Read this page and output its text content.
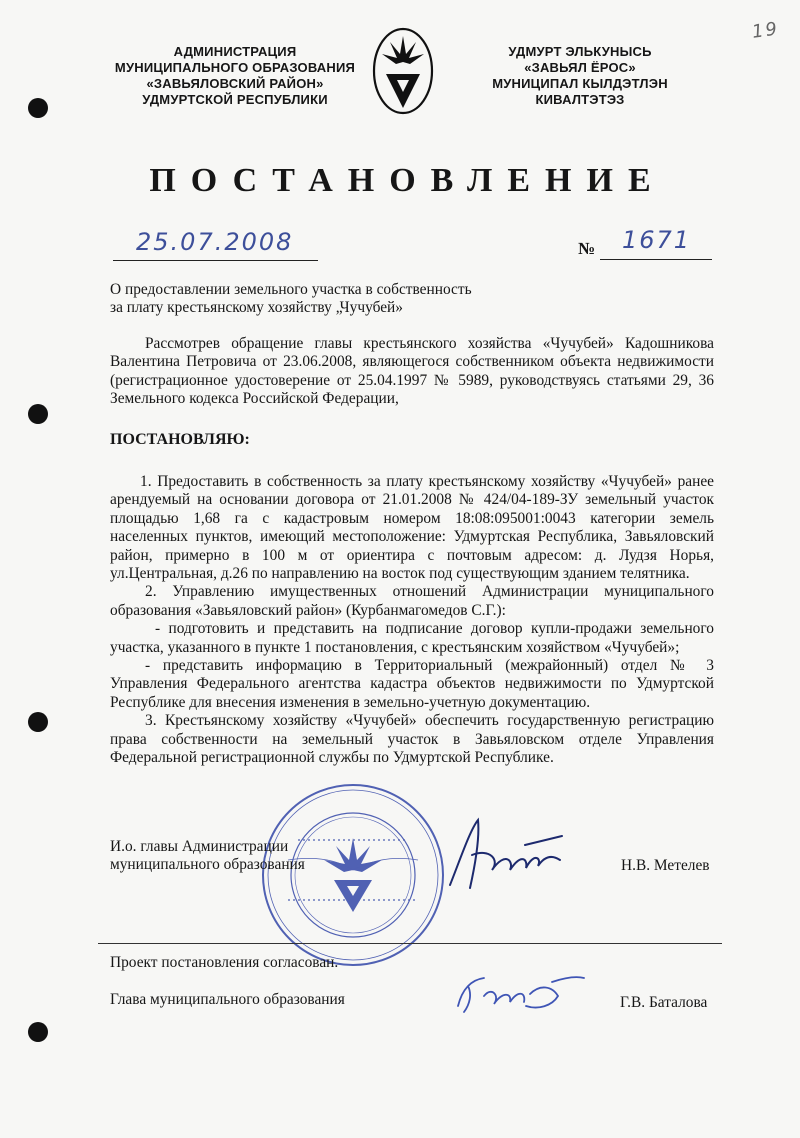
19
АДМИНИСТРАЦИЯ
МУНИЦИПАЛЬНОГО ОБРАЗОВАНИЯ
«ЗАВЬЯЛОВСКИЙ РАЙОН»
УДМУРТСКОЙ РЕСПУБЛИКИ
УДМУРТ ЭЛЬКУНЫСЬ
«ЗАВЬЯЛ ЁРОС»
МУНИЦИПАЛ КЫЛДЭТЛЭН
КИВАЛТЭТЭЗ
ПОСТАНОВЛЕНИЕ
25.07.2008	№ 1671
О предоставлении земельного участка в собственность
за плату крестьянскому хозяйству „Чучубей»

Рассмотрев обращение главы крестьянского хозяйства «Чучубей» Кадошникова

Валентина Петровича от 23.06.2008, являющегося собственником объекта недвижимости

(регистрационное удостоверение от 25.04.1997 № 5989, руководствуясь статьями 29, 36

Земельного кодекса Российской Федерации,

ПОСТАНОВЛЯЮ:

1. Предоставить в собственность за плату крестьянскому хозяйству «Чучубей» ранее

арендуемый на основании договора от 21.01.2008 № 424/04-189-ЗУ земельный участок

площадью 1,68 га с кадастровым номером 18:08:095001:0043 категории земель

населенных пунктов, имеющий местоположение: Удмуртская Республика, Завьяловский

район, примерно в 100 м от ориентира с почтовым адресом: д. Лудзя Норья,

ул.Центральная, д.26 по направлению на восток под существующим зданием телятника.

2. Управлению имущественных отношений Администрации муниципального

образования «Завьяловский район» (Курбанмагомедов С.Г.):

- подготовить и представить на подписание договор купли-продажи земельного

участка, указанного в пункте 1 постановления, с крестьянским хозяйством «Чучубей»;

- представить информацию в Территориальный (межрайонный) отдел № 3

Управления Федерального агентства кадастра объектов недвижимости по Удмуртской

Республике для внесения изменения в земельно-учетную документацию.

3. Крестьянскому хозяйству «Чучубей» обеспечить государственную регистрацию

права собственности на земельный участок в Завьяловском отделе Управления

Федеральной регистрационной службы по Удмуртской Республике.

И.о. главы Администрации
муниципального образования	Н.В. Метелев
Проект постановления согласован.
Глава муниципального образования	Г.В. Баталова
